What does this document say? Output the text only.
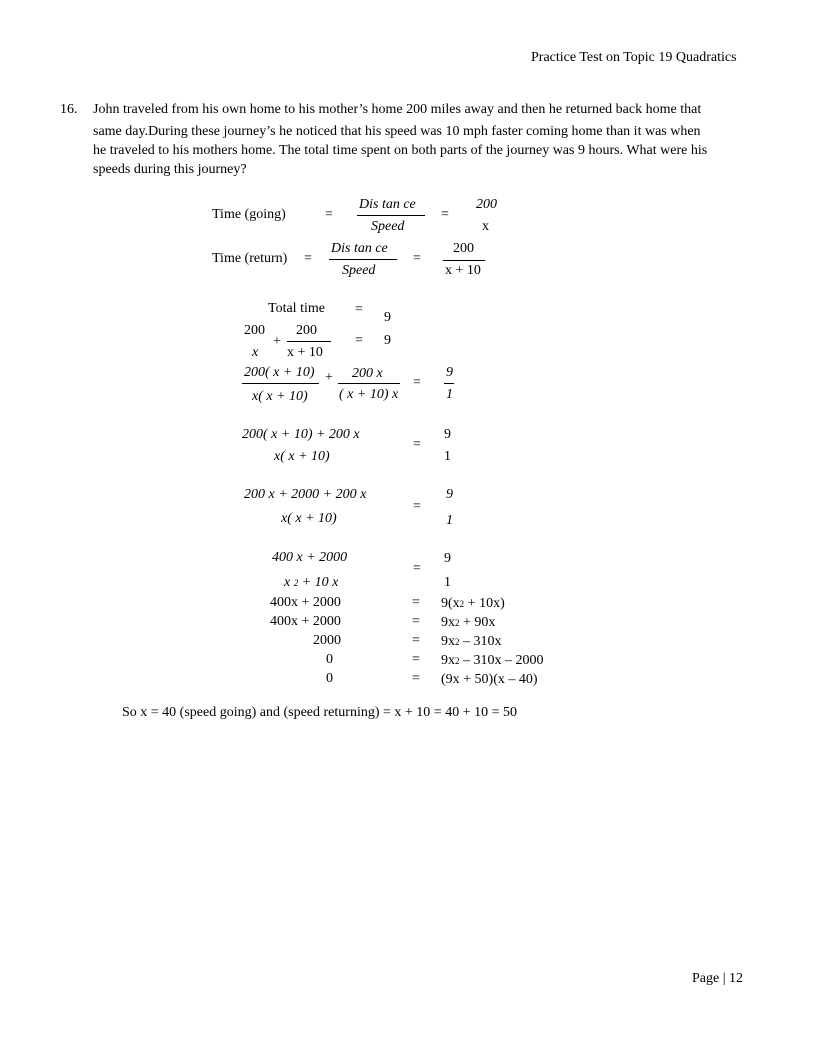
Practice Test on Topic 19 Quadratics
16. John traveled from his own home to his mother’s home 200 miles away and then he returned back home that
same day.During these journey’s he noticed that his speed was 10 mph faster coming home than it was when
he traveled to his mothers home. The total time spent on both parts of the journey was 9 hours. What were his
speeds during this journey?
Time (going)	=
Dis tan ce
Speed
=
200
x
Time (return) =
Dis tan ce
Speed
=
200
x + 10
Total time =
9
200
x
+
200
x + 10
= 9
200( x + 10)
x( x + 10)
+ 200 x
( x + 10) x
=
9
1
200( x + 10) + 200 x
x( x + 10)
=
9
1
200 x + 2000 + 200 x
x( x + 10)
=
9
1
400 x + 2000
x 2 + 10 x
=
9
1
400x + 2000	= 9(x2 + 10x)
400x + 2000	= 9x2 + 90x
2000	= 9x2 – 310x
0	= 9x2 – 310x – 2000
0	= (9x + 50)(x – 40)
So x = 40 (speed going) and (speed returning) = x + 10 = 40 + 10 = 50
Page | 12
